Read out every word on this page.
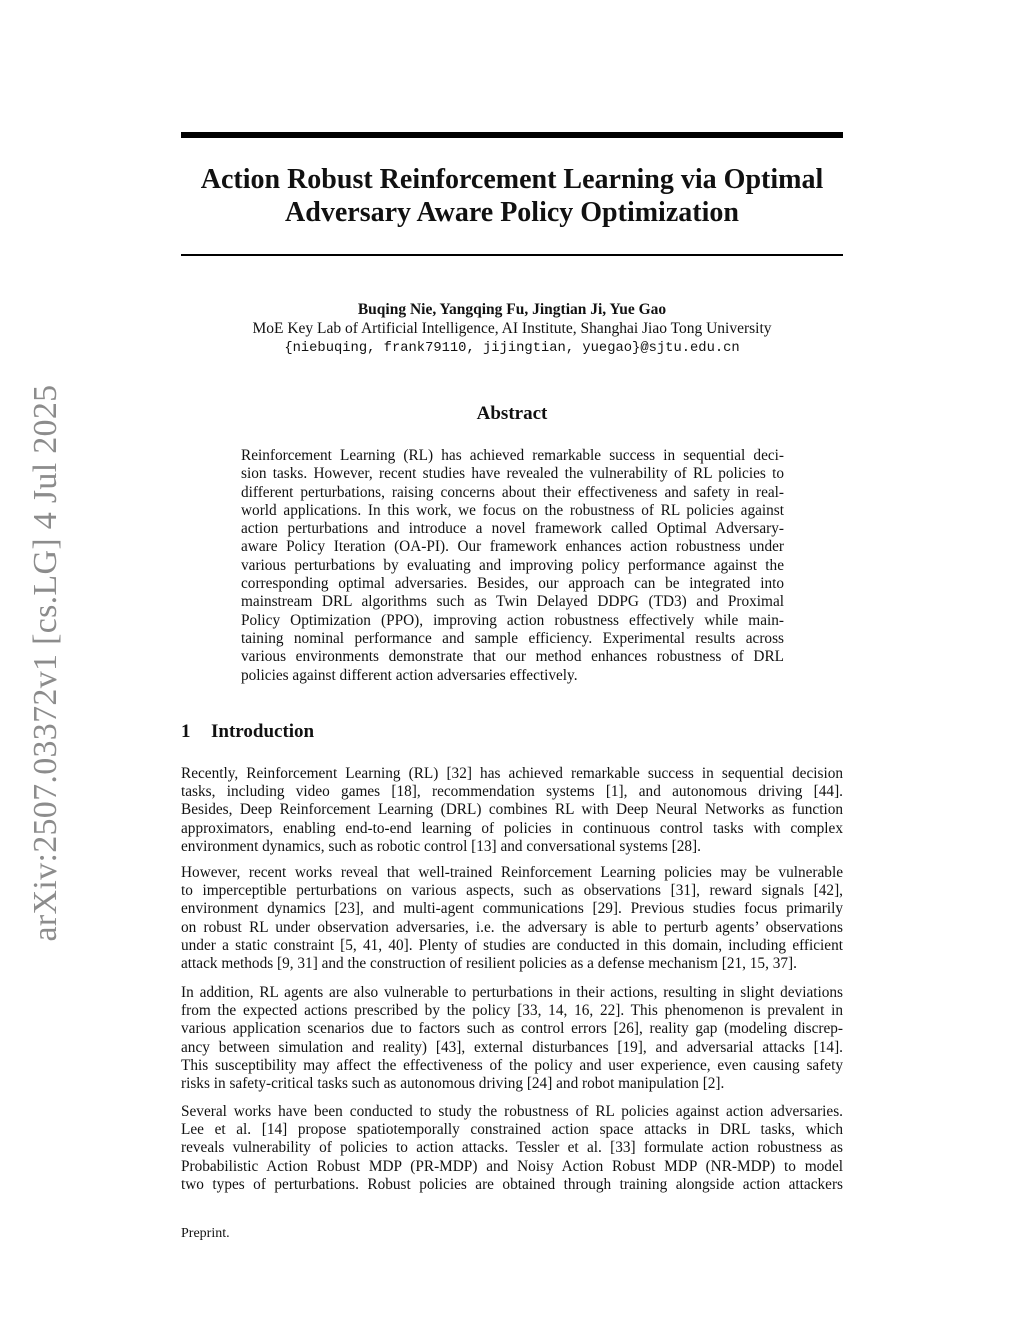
arXiv:2507.03372v1 [cs.LG] 4 Jul 2025
Action Robust Reinforcement Learning via Optimal
Adversary Aware Policy Optimization
Buqing Nie, Yangqing Fu, Jingtian Ji, Yue Gao
MoE Key Lab of Artificial Intelligence, AI Institute, Shanghai Jiao Tong University
{niebuqing, frank79110, jijingtian, yuegao}@sjtu.edu.cn
Abstract
Reinforcement Learning (RL) has achieved remarkable success in sequential deci-
sion tasks. However, recent studies have revealed the vulnerability of RL policies to
different perturbations, raising concerns about their effectiveness and safety in real-
world applications. In this work, we focus on the robustness of RL policies against
action perturbations and introduce a novel framework called Optimal Adversary-
aware Policy Iteration (OA-PI). Our framework enhances action robustness under
various perturbations by evaluating and improving policy performance against the
corresponding optimal adversaries. Besides, our approach can be integrated into
mainstream DRL algorithms such as Twin Delayed DDPG (TD3) and Proximal
Policy Optimization (PPO), improving action robustness effectively while main-
taining nominal performance and sample efficiency. Experimental results across
various environments demonstrate that our method enhances robustness of DRL
policies against different action adversaries effectively.
1 Introduction
Recently, Reinforcement Learning (RL) [32] has achieved remarkable success in sequential decision
tasks, including video games [18], recommendation systems [1], and autonomous driving [44].
Besides, Deep Reinforcement Learning (DRL) combines RL with Deep Neural Networks as function
approximators, enabling end-to-end learning of policies in continuous control tasks with complex
environment dynamics, such as robotic control [13] and conversational systems [28].
However, recent works reveal that well-trained Reinforcement Learning policies may be vulnerable
to imperceptible perturbations on various aspects, such as observations [31], reward signals [42],
environment dynamics [23], and multi-agent communications [29]. Previous studies focus primarily
on robust RL under observation adversaries, i.e. the adversary is able to perturb agents’ observations
under a static constraint [5, 41, 40]. Plenty of studies are conducted in this domain, including efficient
attack methods [9, 31] and the construction of resilient policies as a defense mechanism [21, 15, 37].
In addition, RL agents are also vulnerable to perturbations in their actions, resulting in slight deviations
from the expected actions prescribed by the policy [33, 14, 16, 22]. This phenomenon is prevalent in
various application scenarios due to factors such as control errors [26], reality gap (modeling discrep-
ancy between simulation and reality) [43], external disturbances [19], and adversarial attacks [14].
This susceptibility may affect the effectiveness of the policy and user experience, even causing safety
risks in safety-critical tasks such as autonomous driving [24] and robot manipulation [2].
Several works have been conducted to study the robustness of RL policies against action adversaries.
Lee et al. [14] propose spatiotemporally constrained action space attacks in DRL tasks, which
reveals vulnerability of policies to action attacks. Tessler et al. [33] formulate action robustness as
Probabilistic Action Robust MDP (PR-MDP) and Noisy Action Robust MDP (NR-MDP) to model
two types of perturbations. Robust policies are obtained through training alongside action attackers
Preprint.
